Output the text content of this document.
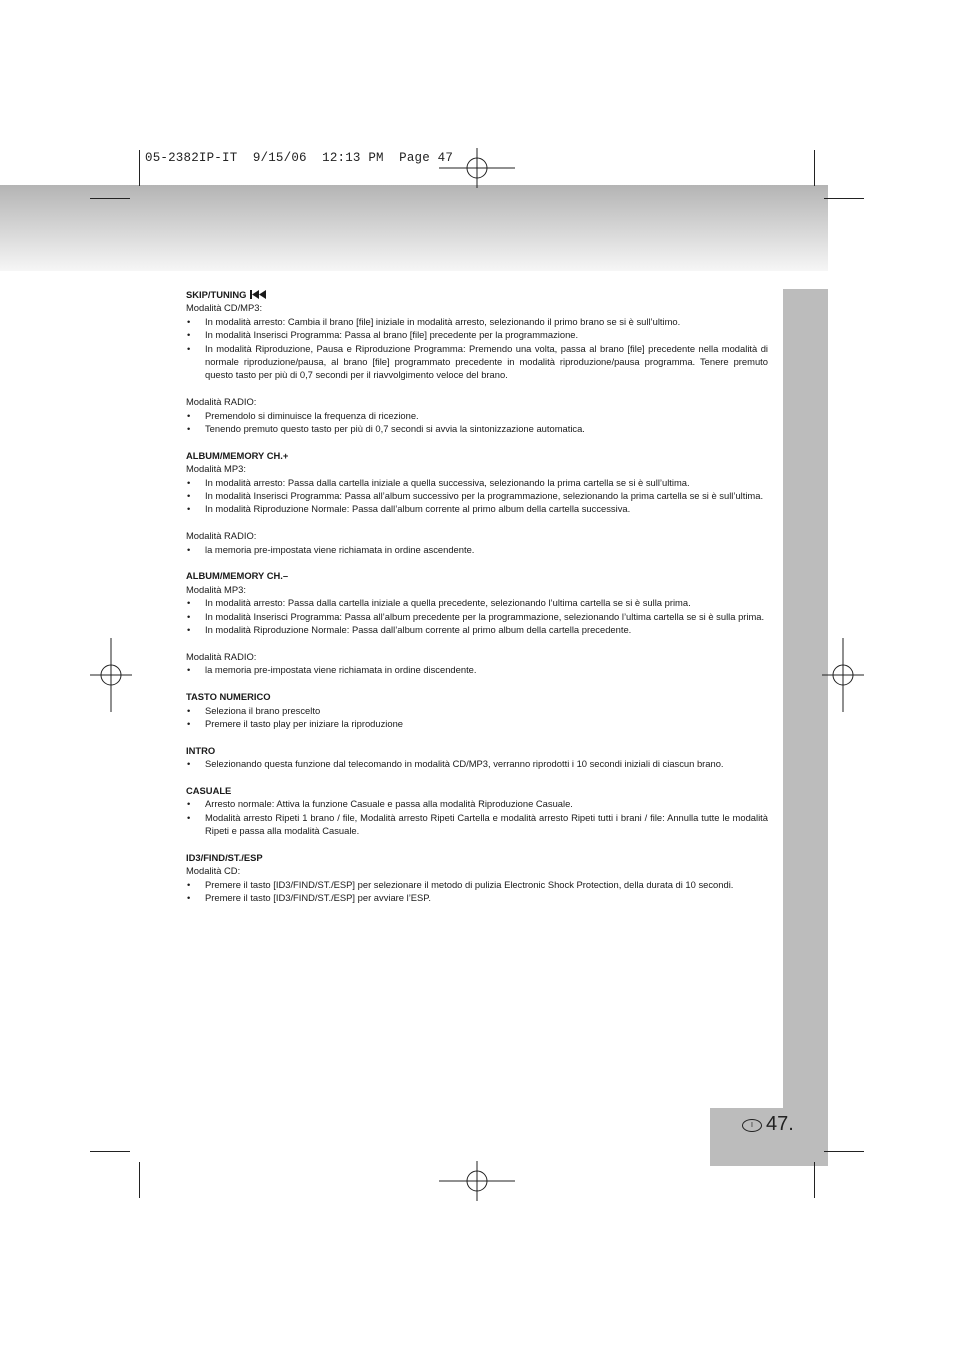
05-2382IP-IT  9/15/06  12:13 PM  Page 47
I 47.

SKIP/TUNING

Modalità CD/MP3:

• In modalità arresto: Cambia il brano [file] iniziale in modalità arresto, selezionando il primo brano se si è sull’ultimo.
• In modalità Inserisci Programma: Passa al brano [file] precedente per la programmazione.
• In modalità Riproduzione, Pausa e Riproduzione Programma: Premendo una volta, passa al brano [file] precedente nella modalità di normale riproduzione/pausa, al brano [file] programmato precedente in modalità riproduzione/pausa programma. Tenere premuto questo tasto per più di 0,7 secondi per il riavvolgimento veloce del brano.

Modalità RADIO:

• Premendolo si diminuisce la frequenza di ricezione.
• Tenendo premuto questo tasto per più di 0,7 secondi si avvia la sintonizzazione automatica.

ALBUM/MEMORY CH.+

Modalità MP3:

• In modalità arresto: Passa dalla cartella iniziale a quella successiva, selezionando la prima cartella se si è sull’ultima.
• In modalità Inserisci Programma: Passa all’album successivo per la programmazione, selezionando la prima cartella se si è sull’ultima.
• In modalità Riproduzione Normale: Passa dall’album corrente al primo album della cartella successiva.

Modalità RADIO:

• la memoria pre-impostata viene richiamata in ordine ascendente.

ALBUM/MEMORY CH.–

Modalità MP3:

• In modalità arresto: Passa dalla cartella iniziale a quella precedente, selezionando l’ultima cartella se si è sulla prima.
• In modalità Inserisci Programma: Passa all’album precedente per la programmazione, selezionando l’ultima cartella se si è sulla prima.
• In modalità Riproduzione Normale: Passa dall’album corrente al primo album della cartella precedente.

Modalità RADIO:

• la memoria pre-impostata viene richiamata in ordine discendente.

TASTO NUMERICO

• Seleziona il brano prescelto
• Premere il tasto play per iniziare la riproduzione

INTRO

• Selezionando questa funzione dal telecomando in modalità CD/MP3, verranno riprodotti i 10 secondi iniziali di ciascun brano.

CASUALE

• Arresto normale: Attiva la funzione Casuale e passa alla modalità Riproduzione Casuale.
• Modalità arresto Ripeti 1 brano / file, Modalità arresto Ripeti Cartella e modalità arresto Ripeti tutti i brani / file: Annulla tutte le modalità Ripeti e passa alla modalità Casuale.

ID3/FIND/ST./ESP

Modalità CD:

• Premere il tasto [ID3/FIND/ST./ESP] per selezionare il metodo di pulizia Electronic Shock Protection, della durata di 10 secondi.
• Premere il tasto [ID3/FIND/ST./ESP] per avviare l’ESP.
